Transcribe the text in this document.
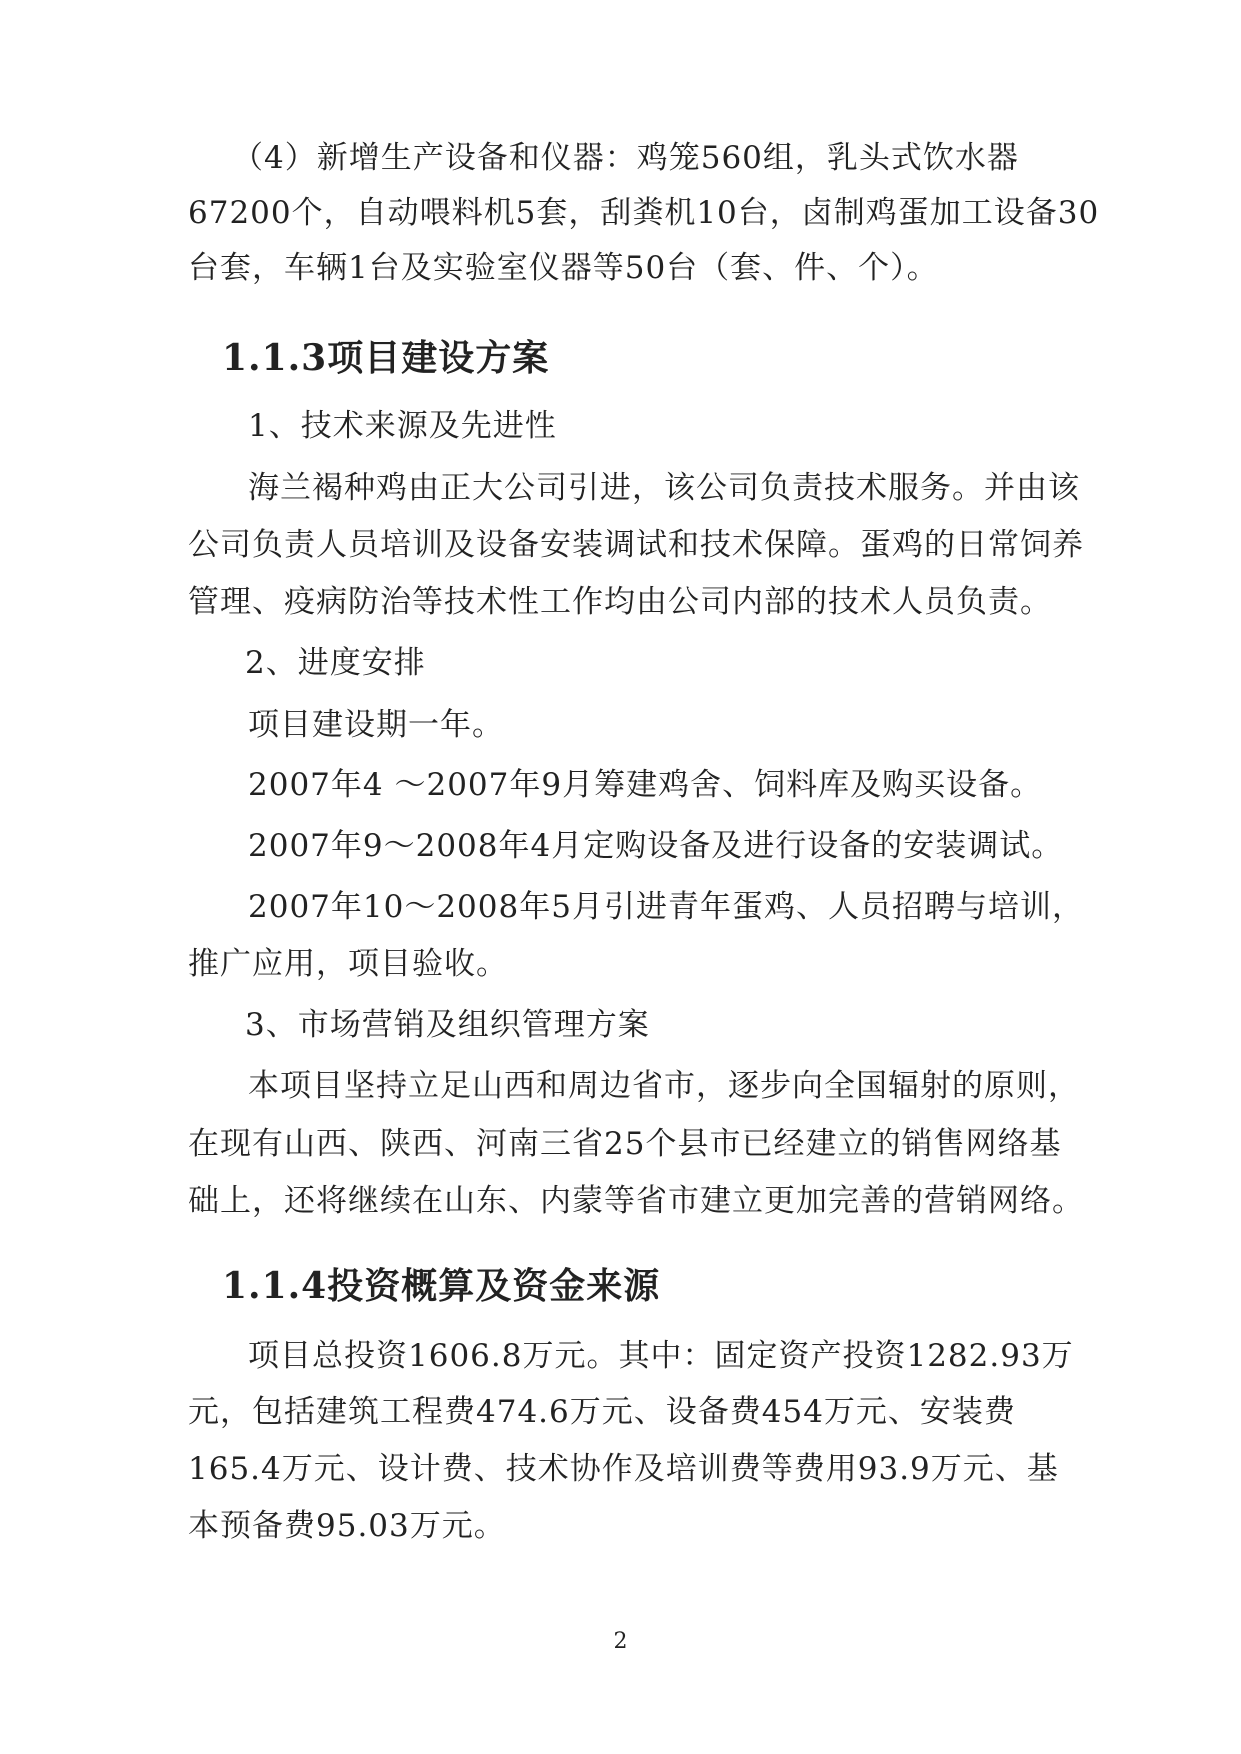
（4）新增生产设备和仪器：鸡笼560组，乳头式饮水器
67200个，自动喂料机5套，刮粪机10台，卤制鸡蛋加工设备30
台套，车辆1台及实验室仪器等50台（套、件、个）。
1.1.3项目建设方案
1、技术来源及先进性
海兰褐种鸡由正大公司引进，该公司负责技术服务。并由该
公司负责人员培训及设备安装调试和技术保障。蛋鸡的日常饲养
管理、疫病防治等技术性工作均由公司内部的技术人员负责。
2、进度安排
项目建设期一年。
2007年4 ～2007年9月筹建鸡舍、饲料库及购买设备。
2007年9～2008年4月定购设备及进行设备的安装调试。
2007年10～2008年5月引进青年蛋鸡、人员招聘与培训，
推广应用，项目验收。
3、市场营销及组织管理方案
本项目坚持立足山西和周边省市，逐步向全国辐射的原则，
在现有山西、陕西、河南三省25个县市已经建立的销售网络基
础上，还将继续在山东、内蒙等省市建立更加完善的营销网络。
1.1.4投资概算及资金来源
项目总投资1606.8万元。其中：固定资产投资1282.93万
元，包括建筑工程费474.6万元、设备费454万元、安装费
165.4万元、设计费、技术协作及培训费等费用93.9万元、基
本预备费95.03万元。
2
